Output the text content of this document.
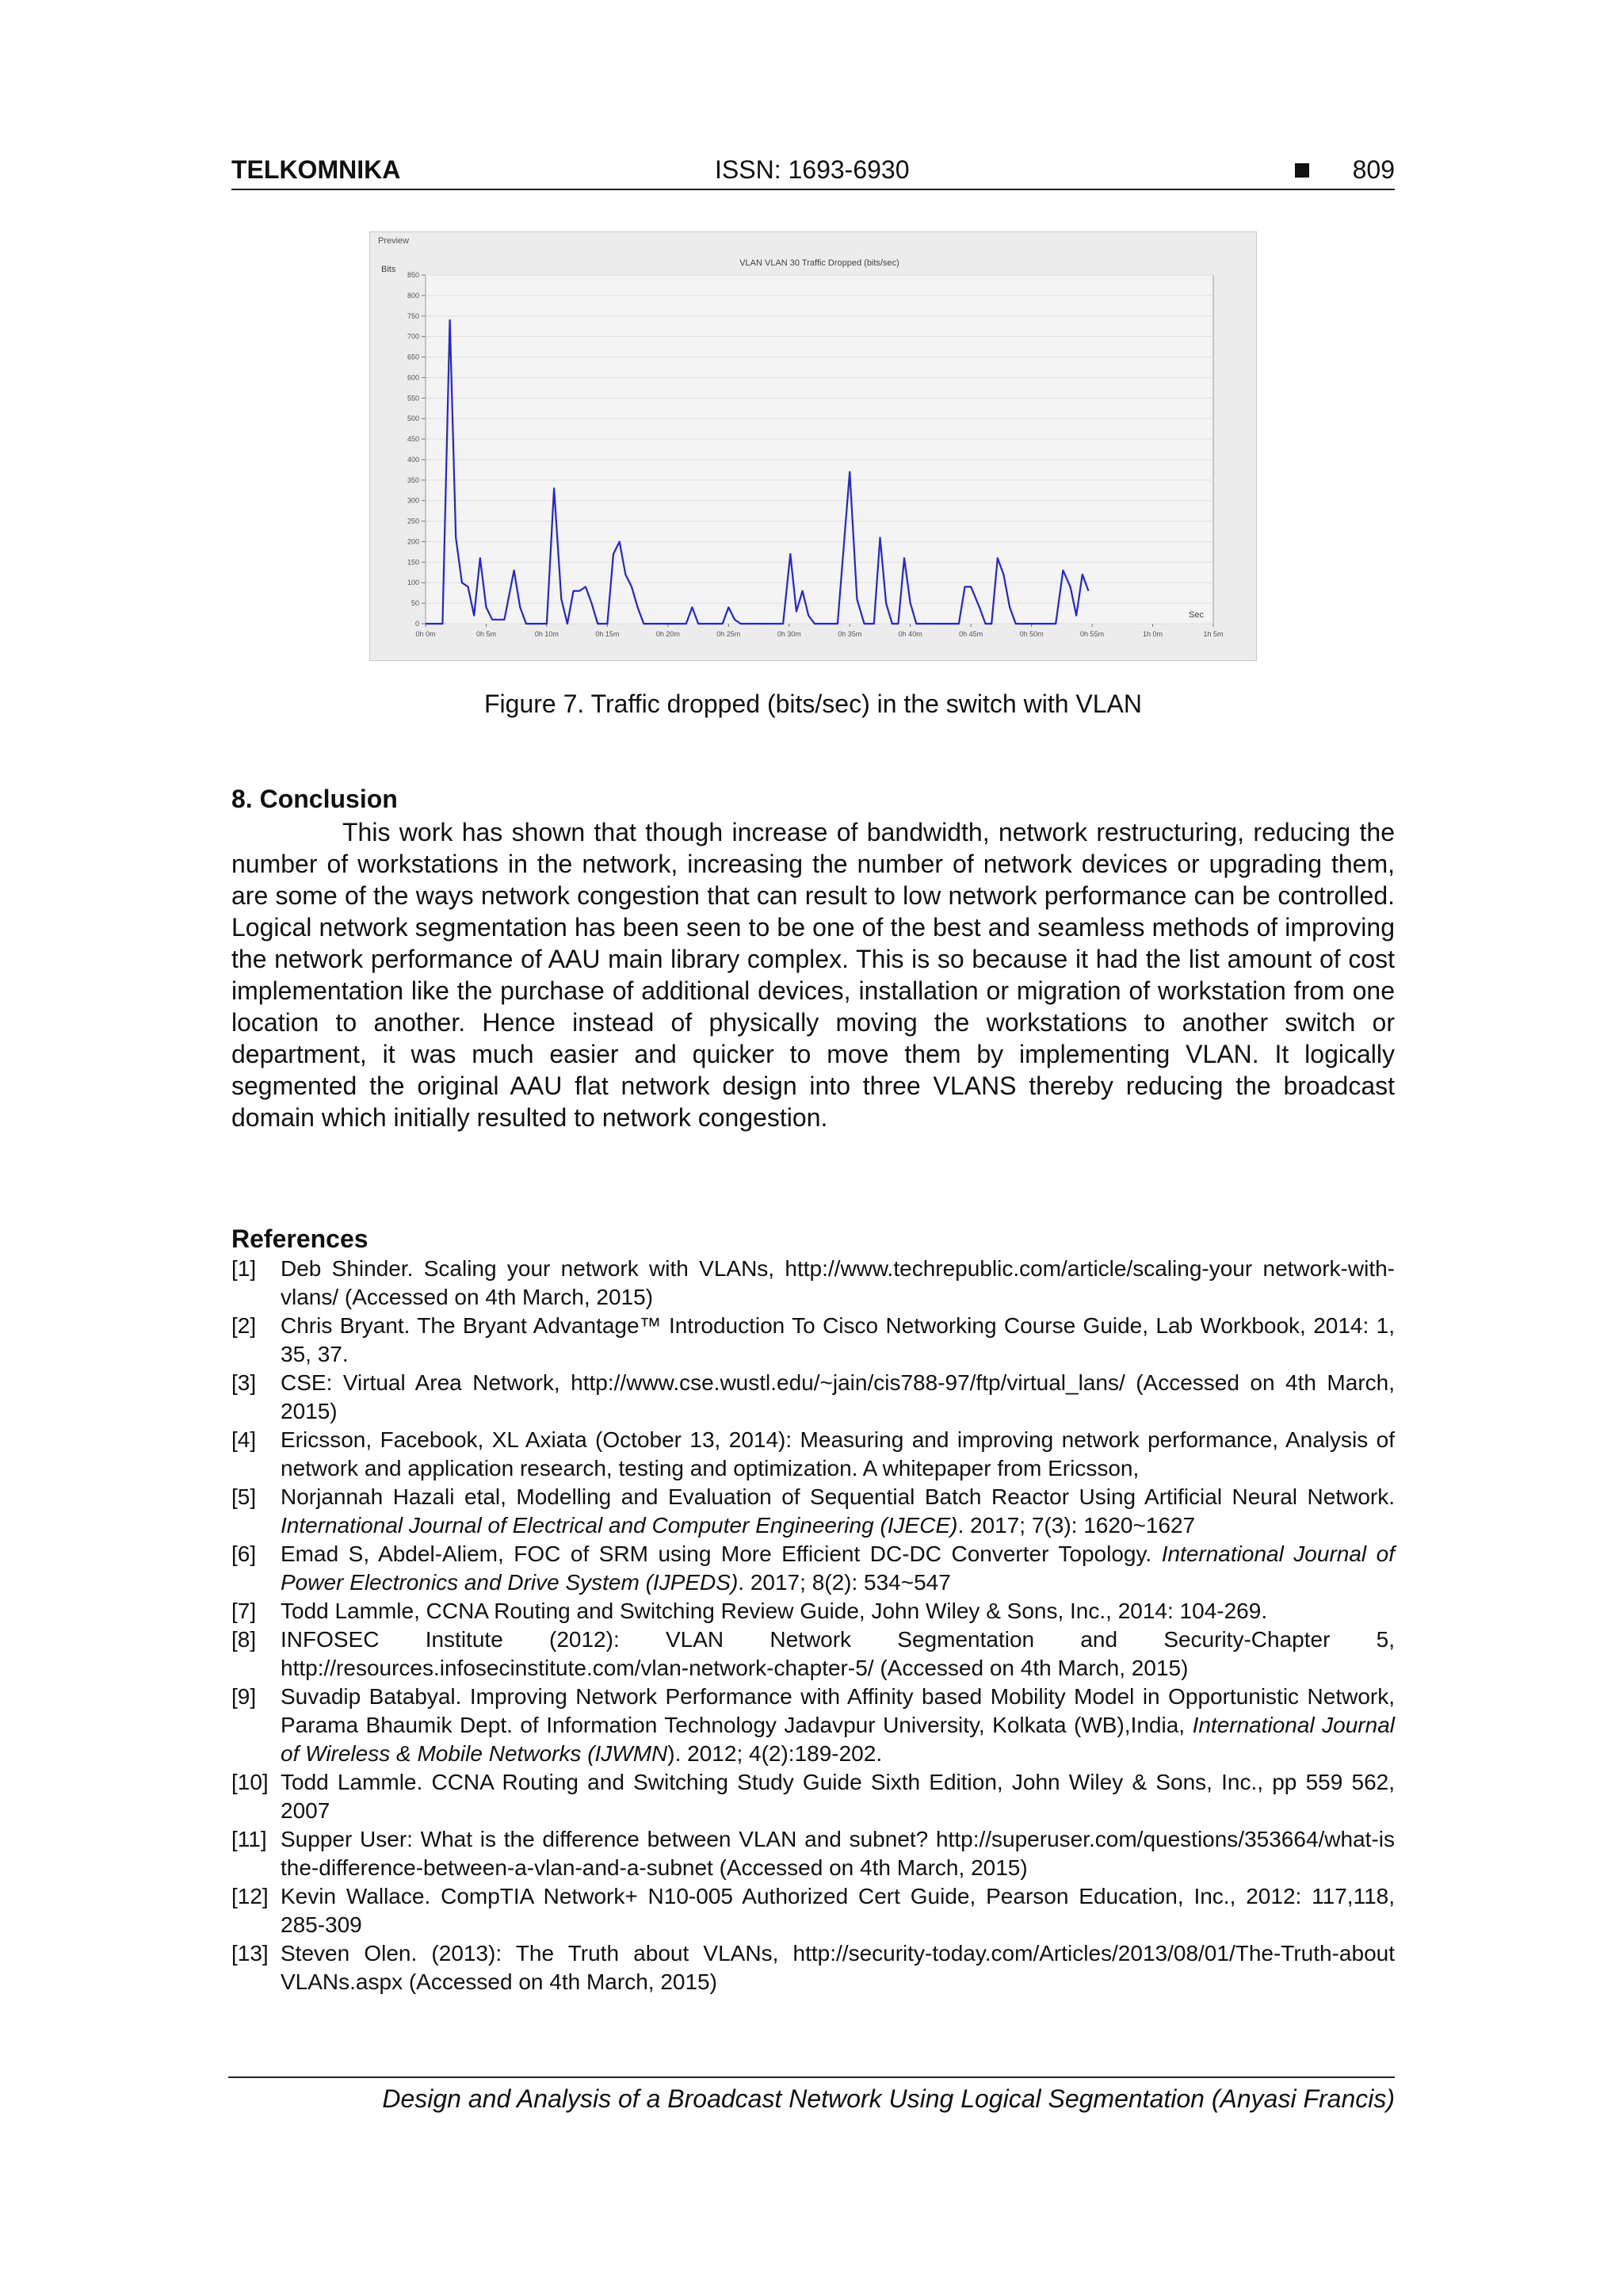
TELKOMNIKA	ISSN: 1693-6930	809
Preview
VLAN VLAN 30 Traffic Dropped (bits/sec)
Bits
0
50
100
150
200
250
300
350
400
450
500
550
600
650
700
750
800
850
0h 0m	0h 5m	0h 10m	0h 15m	0h 20m	0h 25m	0h 30m	0h 35m	0h 40m	0h 45m	0h 50m	0h 55m	1h 0m	1h 5m
Sec
Figure 7. Traffic dropped (bits/sec) in the switch with VLAN
8. Conclusion
This work has shown that though increase of bandwidth, network restructuring, reducing the number of workstations in the network, increasing the number of network devices or upgrading them, are some of the ways network congestion that can result to low network performance can be controlled. Logical network segmentation has been seen to be one of the best and seamless methods of improving the network performance of AAU main library complex. This is so because it had the list amount of cost implementation like the purchase of additional devices, installation or migration of workstation from one location to another. Hence instead of physically moving the workstations to another switch or department, it was much easier and quicker to move them by implementing VLAN. It logically segmented the original AAU flat network design into three VLANS thereby reducing the broadcast domain which initially resulted to network congestion.
References
[1] Deb Shinder. Scaling your network with VLANs, http://www.techrepublic.com/article/scaling-your network-with-vlans/ (Accessed on 4th March, 2015)
[2] Chris Bryant. The Bryant Advantage™ Introduction To Cisco Networking Course Guide, Lab Workbook, 2014: 1, 35, 37.
[3] CSE: Virtual Area Network, http://www.cse.wustl.edu/~jain/cis788-97/ftp/virtual_lans/ (Accessed on 4th March, 2015)
[4] Ericsson, Facebook, XL Axiata (October 13, 2014): Measuring and improving network performance, Analysis of network and application research, testing and optimization. A whitepaper from Ericsson,
[5] Norjannah Hazali etal, Modelling and Evaluation of Sequential Batch Reactor Using Artificial Neural Network. International Journal of Electrical and Computer Engineering (IJECE). 2017; 7(3): 1620~1627
[6] Emad S, Abdel-Aliem, FOC of SRM using More Efficient DC-DC Converter Topology. International Journal of Power Electronics and Drive System (IJPEDS). 2017; 8(2): 534~547
[7] Todd Lammle, CCNA Routing and Switching Review Guide, John Wiley & Sons, Inc., 2014: 104-269.
[8] INFOSEC Institute (2012): VLAN Network Segmentation and Security-Chapter 5, http://resources.infosecinstitute.com/vlan-network-chapter-5/ (Accessed on 4th March, 2015)
[9] Suvadip Batabyal. Improving Network Performance with Affinity based Mobility Model in Opportunistic Network, Parama Bhaumik Dept. of Information Technology Jadavpur University, Kolkata (WB),India, International Journal of Wireless & Mobile Networks (IJWMN). 2012; 4(2):189-202.
[10] Todd Lammle. CCNA Routing and Switching Study Guide Sixth Edition, John Wiley & Sons, Inc., pp 559 562, 2007
[11] Supper User: What is the difference between VLAN and subnet? http://superuser.com/questions/353664/what-is the-difference-between-a-vlan-and-a-subnet (Accessed on 4th March, 2015)
[12] Kevin Wallace. CompTIA Network+ N10-005 Authorized Cert Guide, Pearson Education, Inc., 2012: 117,118, 285-309
[13] Steven Olen. (2013): The Truth about VLANs, http://security-today.com/Articles/2013/08/01/The-Truth-about VLANs.aspx (Accessed on 4th March, 2015)
Design and Analysis of a Broadcast Network Using Logical Segmentation (Anyasi Francis)
